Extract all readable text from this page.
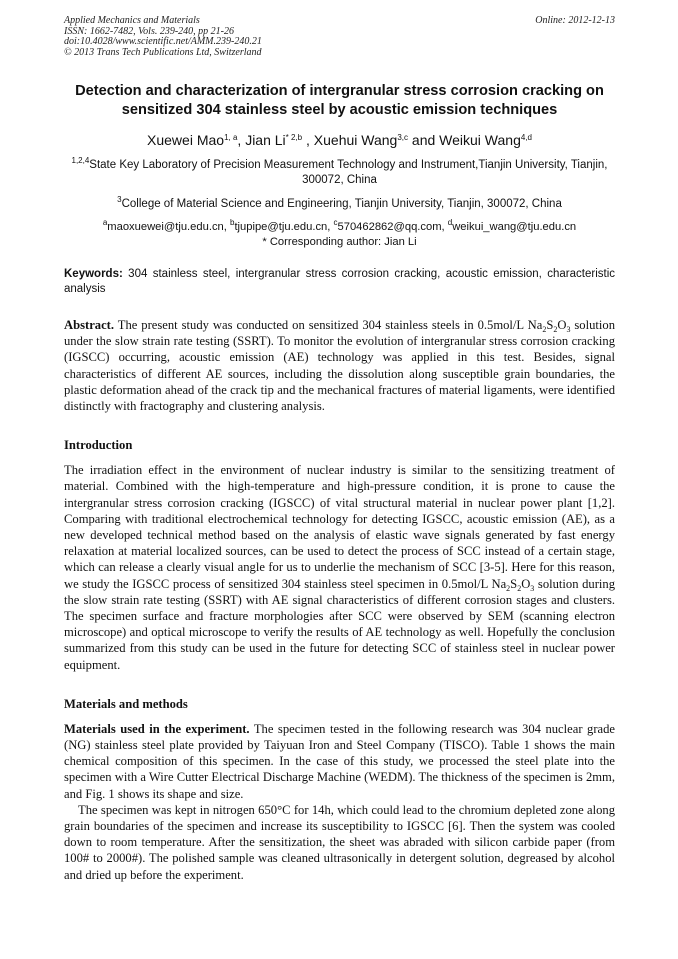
Applied Mechanics and Materials
ISSN: 1662-7482, Vols. 239-240, pp 21-26
doi:10.4028/www.scientific.net/AMM.239-240.21
© 2013 Trans Tech Publications Ltd, Switzerland
Online: 2012-12-13
Detection and characterization of intergranular stress corrosion cracking on sensitized 304 stainless steel by acoustic emission techniques
Xuewei Mao$^{1, a}$, Jian Li$^{* 2,b}$ , Xuehui Wang$^{3,c}$ and Weikui Wang$^{4,d}$
$^{1,2,4}$State Key Laboratory of Precision Measurement Technology and Instrument,Tianjin University, Tianjin, 300072, China
$^3$College of Material Science and Engineering, Tianjin University, Tianjin, 300072, China
$^a$maoxuewei@tju.edu.cn, $^b$tjupipe@tju.edu.cn, $^c$570462862@qq.com, $^d$weikui_wang@tju.edu.cn
* Corresponding author: Jian Li
Keywords: 304 stainless steel, intergranular stress corrosion cracking, acoustic emission, characteristic analysis
Abstract. The present study was conducted on sensitized 304 stainless steels in 0.5mol/L $Na_2S_2O_3$ solution under the slow strain rate testing (SSRT). To monitor the evolution of intergranular stress corrosion cracking (IGSCC) occurring, acoustic emission (AE) technology was applied in this test. Besides, signal characteristics of different AE sources, including the dissolution along susceptible grain boundaries, the plastic deformation ahead of the crack tip and the mechanical fractures of material ligaments, were identified distinctly with fractography and clustering analysis.
Introduction
The irradiation effect in the environment of nuclear industry is similar to the sensitizing treatment of material. Combined with the high-temperature and high-pressure condition, it is prone to cause the intergranular stress corrosion cracking (IGSCC) of vital structural material in nuclear power plant [1,2]. Comparing with traditional electrochemical technology for detecting IGSCC, acoustic emission (AE), as a new developed technical method based on the analysis of elastic wave signals generated by fast energy relaxation at material localized sources, can be used to detect the process of SCC instead of a certain stage, which can release a clearly visual angle for us to underlie the mechanism of SCC [3-5]. Here for this reason, we study the IGSCC process of sensitized 304 stainless steel specimen in 0.5mol/L $Na_2S_2O_3$ solution during the slow strain rate testing (SSRT) with AE signal characteristics of different corrosion stages and clusters. The specimen surface and fracture morphologies after SCC were observed by SEM (scanning electron microscope) and optical microscope to verify the results of AE technology as well. Hopefully the conclusion summarized from this study can be used in the future for detecting SCC of stainless steel in nuclear power equipment.
Materials and methods
Materials used in the experiment. The specimen tested in the following research was 304 nuclear grade (NG) stainless steel plate provided by Taiyuan Iron and Steel Company (TISCO). Table 1 shows the main chemical composition of this specimen. In the case of this study, we processed the steel plate into the specimen with a Wire Cutter Electrical Discharge Machine (WEDM). The thickness of the specimen is 2mm, and Fig. 1 shows its shape and size.
The specimen was kept in nitrogen 650°C for 14h, which could lead to the chromium depleted zone along grain boundaries of the specimen and increase its susceptibility to IGSCC [6]. Then the system was cooled down to room temperature. After the sensitization, the sheet was abraded with silicon carbide paper (from 100# to 2000#). The polished sample was cleaned ultrasonically in detergent solution, degreased by alcohol and dried up before the experiment.
